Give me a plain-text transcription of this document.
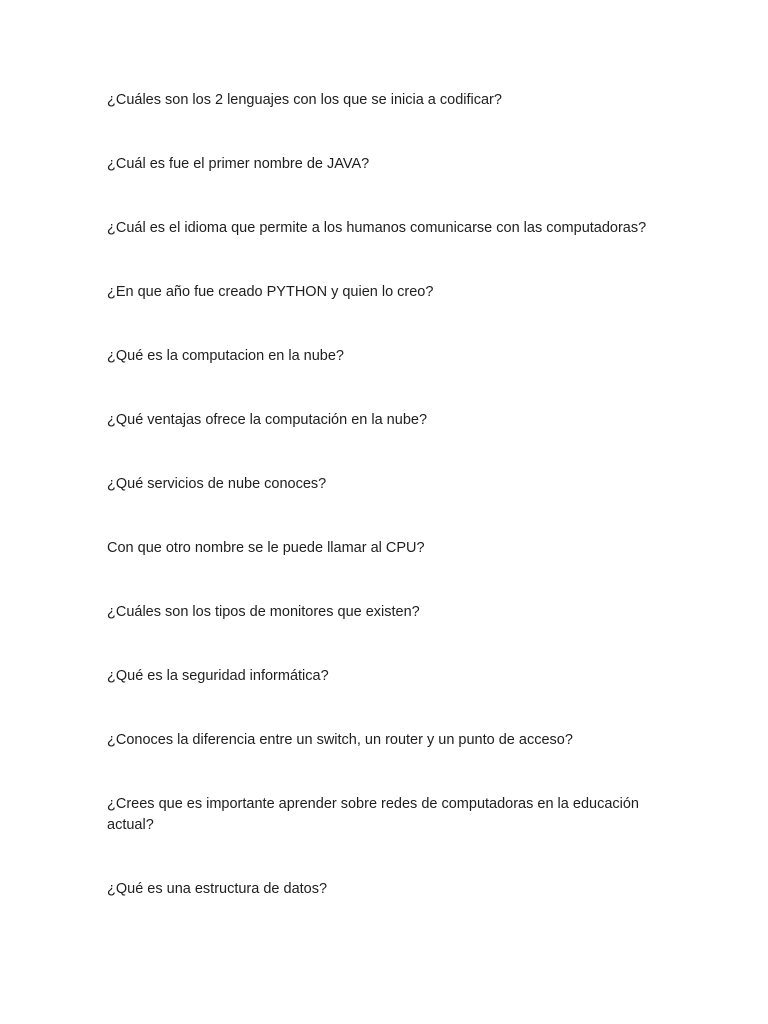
¿Cuáles son los 2 lenguajes con los que se inicia a codificar?
¿Cuál es fue el primer nombre de JAVA?
¿Cuál es el idioma que permite a los humanos comunicarse con las computadoras?
¿En que año fue creado PYTHON y quien lo creo?
¿Qué es la computacion en la nube?
¿Qué ventajas ofrece la computación en la nube?
¿Qué servicios de nube conoces?
Con que otro nombre se le puede llamar al CPU?
¿Cuáles son los tipos de monitores que existen?
¿Qué es la seguridad informática?
¿Conoces la diferencia entre un switch, un router y un punto de acceso?
¿Crees que es importante aprender sobre redes de computadoras en la educación actual?
¿Qué es una estructura de datos?
